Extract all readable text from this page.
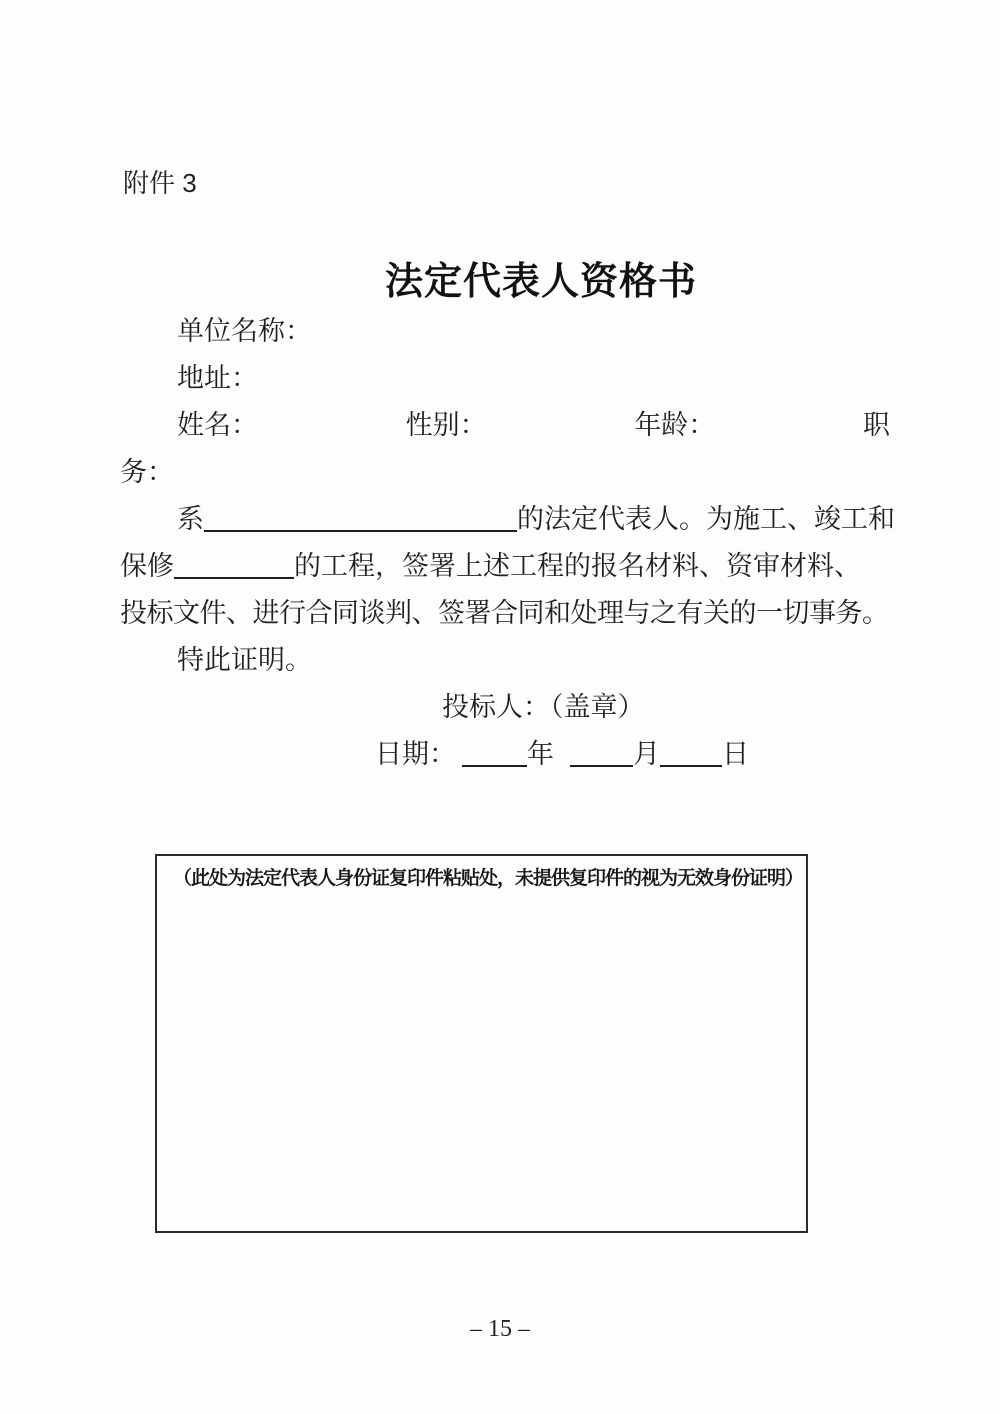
附件 3
法定代表人资格书
单位名称：
地址：
姓名：	性别：	年龄：	职
务：
系	的法定代表人。为施工、竣工和
保修	的工程，签署上述工程的报名材料、资审材料、
投标文件、进行合同谈判、签署合同和处理与之有关的一切事务。
特此证明。
投标人：（盖章）
日期：	年	月 日

（此处为法定代表人身份证复印件粘贴处，未提供复印件的视为无效身份证明）

– 15 –
